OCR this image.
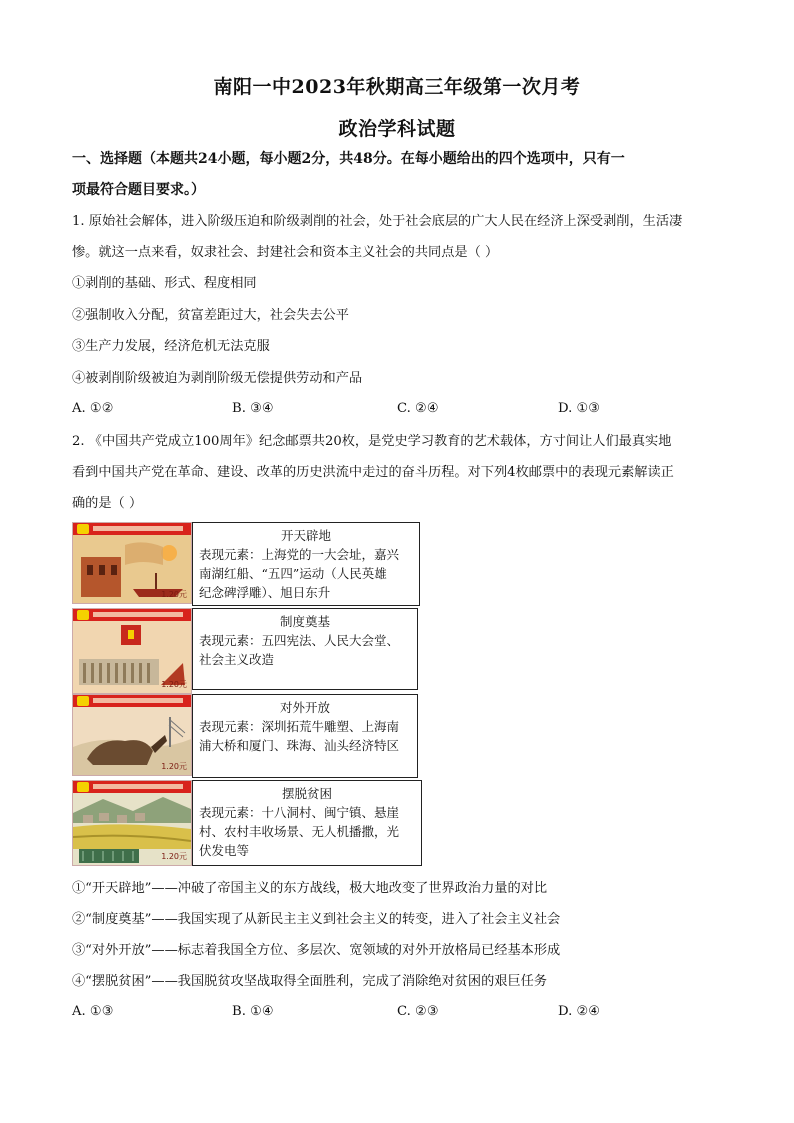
南阳一中2023年秋期高三年级第一次月考
政治学科试题
一、选择题（本题共24小题，每小题2分，共48分。在每小题给出的四个选项中，只有一
项最符合题目要求。）
1. 原始社会解体，进入阶级压迫和阶级剥削的社会，处于社会底层的广大人民在经济上深受剥削，生活凄
惨。就这一点来看，奴隶社会、封建社会和资本主义社会的共同点是（ ）
①剥削的基础、形式、程度相同
②强制收入分配，贫富差距过大，社会失去公平
③生产力发展，经济危机无法克服
④被剥削阶级被迫为剥削阶级无偿提供劳动和产品
A. ①②	B. ③④	C. ②④	D. ①③
2. 《中国共产党成立100周年》纪念邮票共20枚，是党史学习教育的艺术载体，方寸间让人们最真实地
看到中国共产党在革命、建设、改革的历史洪流中走过的奋斗历程。对下列4枚邮票中的表现元素解读正
确的是（ ）
1.20元
开天辟地
表现元素：上海党的一大会址，嘉兴
南湖红船、“五四”运动（人民英雄
纪念碑浮雕）、旭日东升
1.20元
制度奠基
表现元素：五四宪法、人民大会堂、
社会主义改造
1.20元
对外开放
表现元素：深圳拓荒牛雕塑、上海南
浦大桥和厦门、珠海、汕头经济特区
1.20元
摆脱贫困
表现元素：十八洞村、闽宁镇、悬崖
村、农村丰收场景、无人机播撒，光
伏发电等
①“开天辟地”——冲破了帝国主义的东方战线，极大地改变了世界政治力量的对比
②“制度奠基”——我国实现了从新民主主义到社会主义的转变，进入了社会主义社会
③“对外开放”——标志着我国全方位、多层次、宽领域的对外开放格局已经基本形成
④“摆脱贫困”——我国脱贫攻坚战取得全面胜利，完成了消除绝对贫困的艰巨任务
A. ①③	B. ①④	C. ②③	D. ②④
